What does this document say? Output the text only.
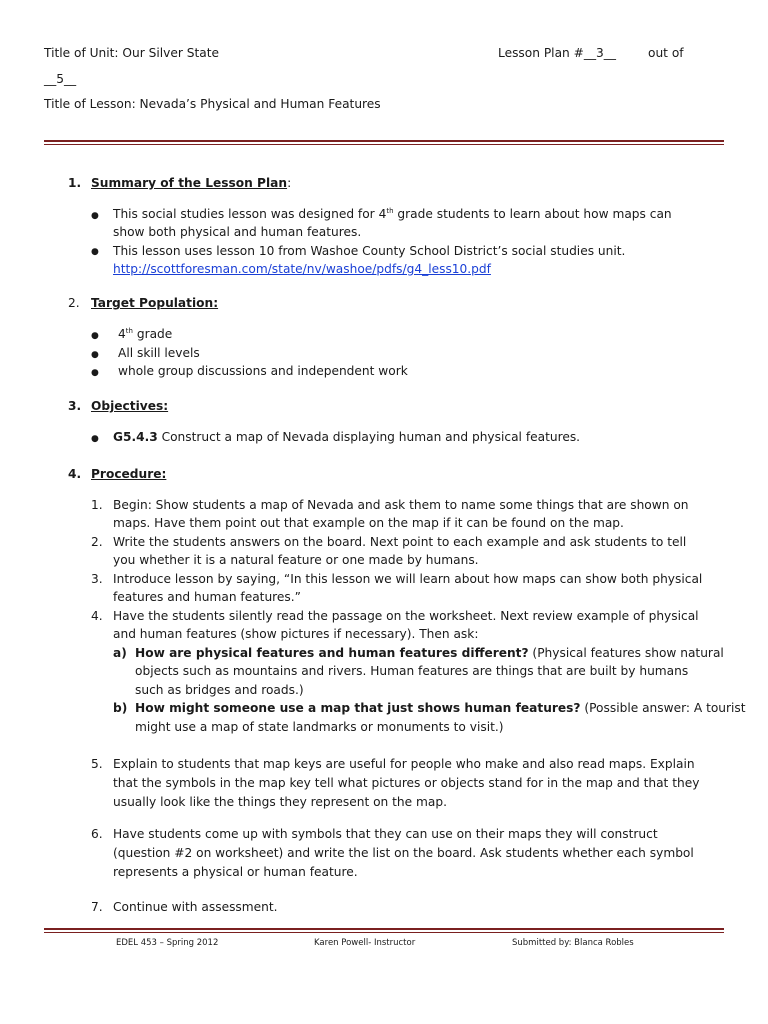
Title of Unit: Our Silver State	Lesson Plan #__3__	out of
__5__
Title of Lesson: Nevada’s Physical and Human Features
1. Summary of the Lesson Plan:
● This social studies lesson was designed for 4th grade students to learn about how maps can
show both physical and human features.
● This lesson uses lesson 10 from Washoe County School District’s social studies unit.
http://scottforesman.com/state/nv/washoe/pdfs/g4_less10.pdf
2. Target Population:
● 4th grade
● All skill levels
● whole group discussions and independent work
3. Objectives:
● G5.4.3 Construct a map of Nevada displaying human and physical features.
4. Procedure:
1. Begin: Show students a map of Nevada and ask them to name some things that are shown on
maps. Have them point out that example on the map if it can be found on the map.
2. Write the students answers on the board. Next point to each example and ask students to tell
you whether it is a natural feature or one made by humans.
3. Introduce lesson by saying, “In this lesson we will learn about how maps can show both physical
features and human features.”
4. Have the students silently read the passage on the worksheet. Next review example of physical
and human features (show pictures if necessary). Then ask:
a) How are physical features and human features different? (Physical features show natural
objects such as mountains and rivers. Human features are things that are built by humans
such as bridges and roads.)
b) How might someone use a map that just shows human features? (Possible answer: A tourist
might use a map of state landmarks or monuments to visit.)
5. Explain to students that map keys are useful for people who make and also read maps. Explain
that the symbols in the map key tell what pictures or objects stand for in the map and that they
usually look like the things they represent on the map.
6. Have students come up with symbols that they can use on their maps they will construct
(question #2 on worksheet) and write the list on the board. Ask students whether each symbol
represents a physical or human feature.
7. Continue with assessment.
EDEL 453 – Spring 2012	Karen Powell- Instructor	Submitted by: Blanca Robles
